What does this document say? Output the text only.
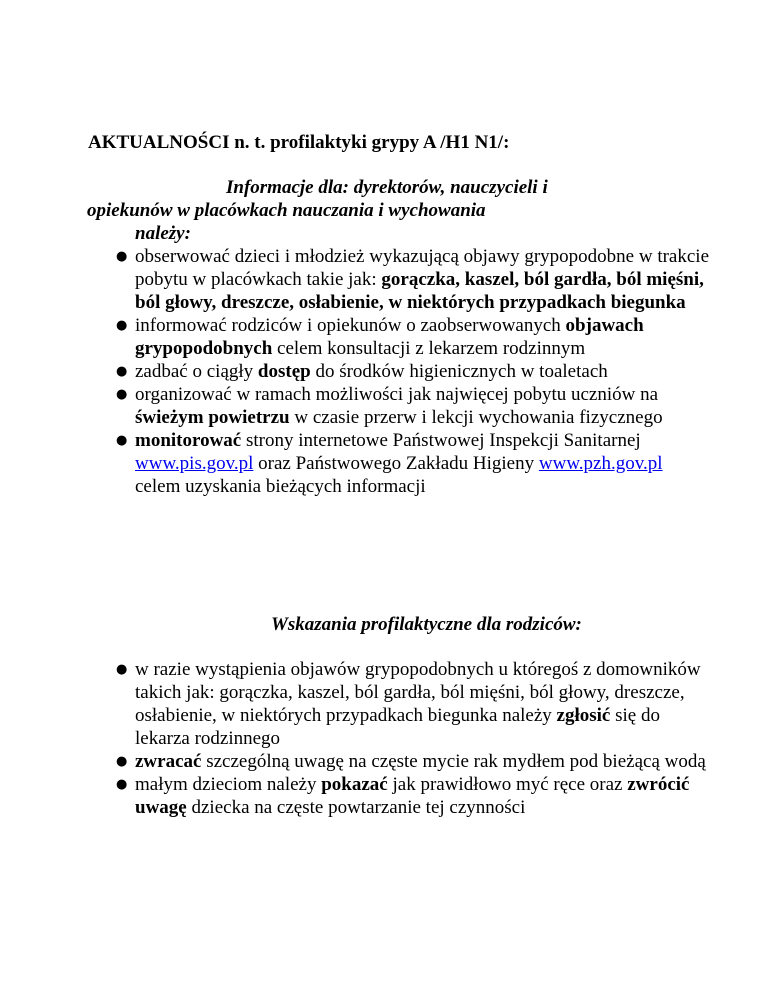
AKTUALNOŚCI n. t. profilaktyki grypy A /H1 N1/:
Informacje dla: dyrektorów, nauczycieli i
opiekunów w placówkach nauczania i wychowania
należy:
● obserwować dzieci i młodzież wykazującą objawy grypopodobne w trakcie pobytu w placówkach takie jak: gorączka, kaszel, ból gardła, ból mięśni, ból głowy, dreszcze, osłabienie, w niektórych przypadkach biegunka
● informować rodziców i opiekunów o zaobserwowanych objawach grypopodobnych celem konsultacji z lekarzem rodzinnym
● zadbać o ciągły dostęp do środków higienicznych w toaletach
● organizować w ramach możliwości jak najwięcej pobytu uczniów na świeżym powietrzu w czasie przerw i lekcji wychowania fizycznego
● monitorować strony internetowe Państwowej Inspekcji Sanitarnej www.pis.gov.pl oraz Państwowego Zakładu Higieny www.pzh.gov.pl celem uzyskania bieżących informacji
Wskazania profilaktyczne dla rodziców:
● w razie wystąpienia objawów grypopodobnych u któregoś z domowników takich jak: gorączka, kaszel, ból gardła, ból mięśni, ból głowy, dreszcze, osłabienie, w niektórych przypadkach biegunka należy zgłosić się do lekarza rodzinnego
● zwracać szczególną uwagę na częste mycie rak mydłem pod bieżącą wodą
● małym dzieciom należy pokazać jak prawidłowo myć ręce oraz zwrócić uwagę dziecka na częste powtarzanie tej czynności
